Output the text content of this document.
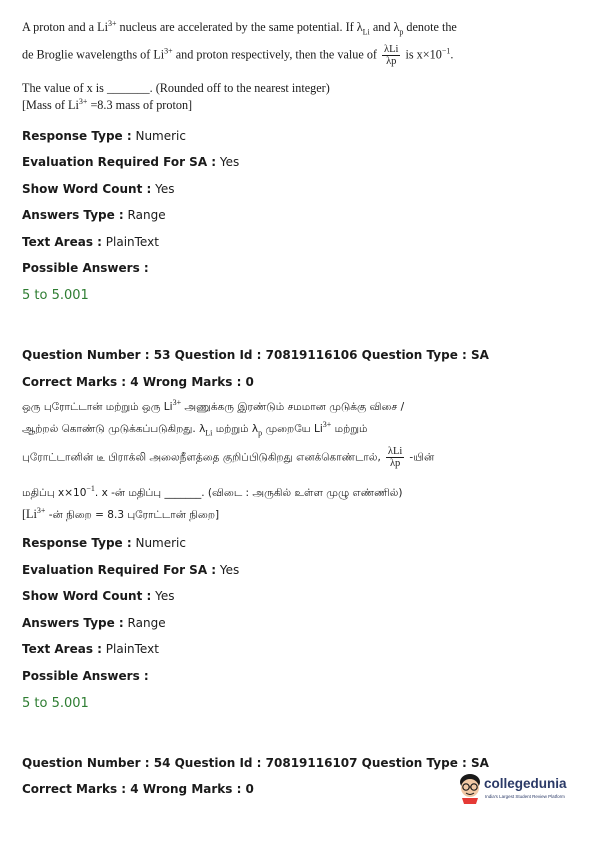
A proton and a $Li^{3+}$ nucleus are accelerated by the same potential. If $\lambda_{Li}$ and $\lambda_p$ denote the
de Broglie wavelengths of $Li^{3+}$ and proton respectively, then the value of $\frac{\text{λLi}}{\lambda p}$ is $x\times 10^{-1}$.
The value of x is _______. (Rounded off to the nearest integer)
[Mass of $Li^{3+} =8.3$ mass of proton]
Response Type : Numeric
Evaluation Required For SA : Yes
Show Word Count : Yes
Answers Type : Range
Text Areas : PlainText
Possible Answers :
5 to 5.001
Question Number : 53 Question Id : 70819116106 Question Type : SA
Correct Marks : 4 Wrong Marks : 0
ஒரு புரோட்டான் மற்றும் ஒரு $Li^{3+}$ அணுக்கரு இரண்டும் சமமான முடுக்கு விசை /
ஆற்றல் கொண்டு முடுக்கப்படுகிறது. $\lambda_{Li}$ மற்றும் $\lambda_p$ முறையே $Li^{3+}$ மற்றும்
புரோட்டானின் டீ பிராக்லி அலைநீளத்தை குறிப்பிடுகிறது எனக்கொண்டால், $\frac{\text{λLi}}{\lambda p}$ -யின்
மதிப்பு $x\times 10^{-1}$. x -ன் மதிப்பு _______. (விடை : அருகில் உள்ள முழு எண்ணில்)
[$Li^{3+}$ -ன் நிறை = 8.3 புரோட்டான் நிறை]
Response Type : Numeric
Evaluation Required For SA : Yes
Show Word Count : Yes
Answers Type : Range
Text Areas : PlainText
Possible Answers :
5 to 5.001
Question Number : 54 Question Id : 70819116107 Question Type : SA
Correct Marks : 4 Wrong Marks : 0	collegedunia
India's Largest Student Review Platform
